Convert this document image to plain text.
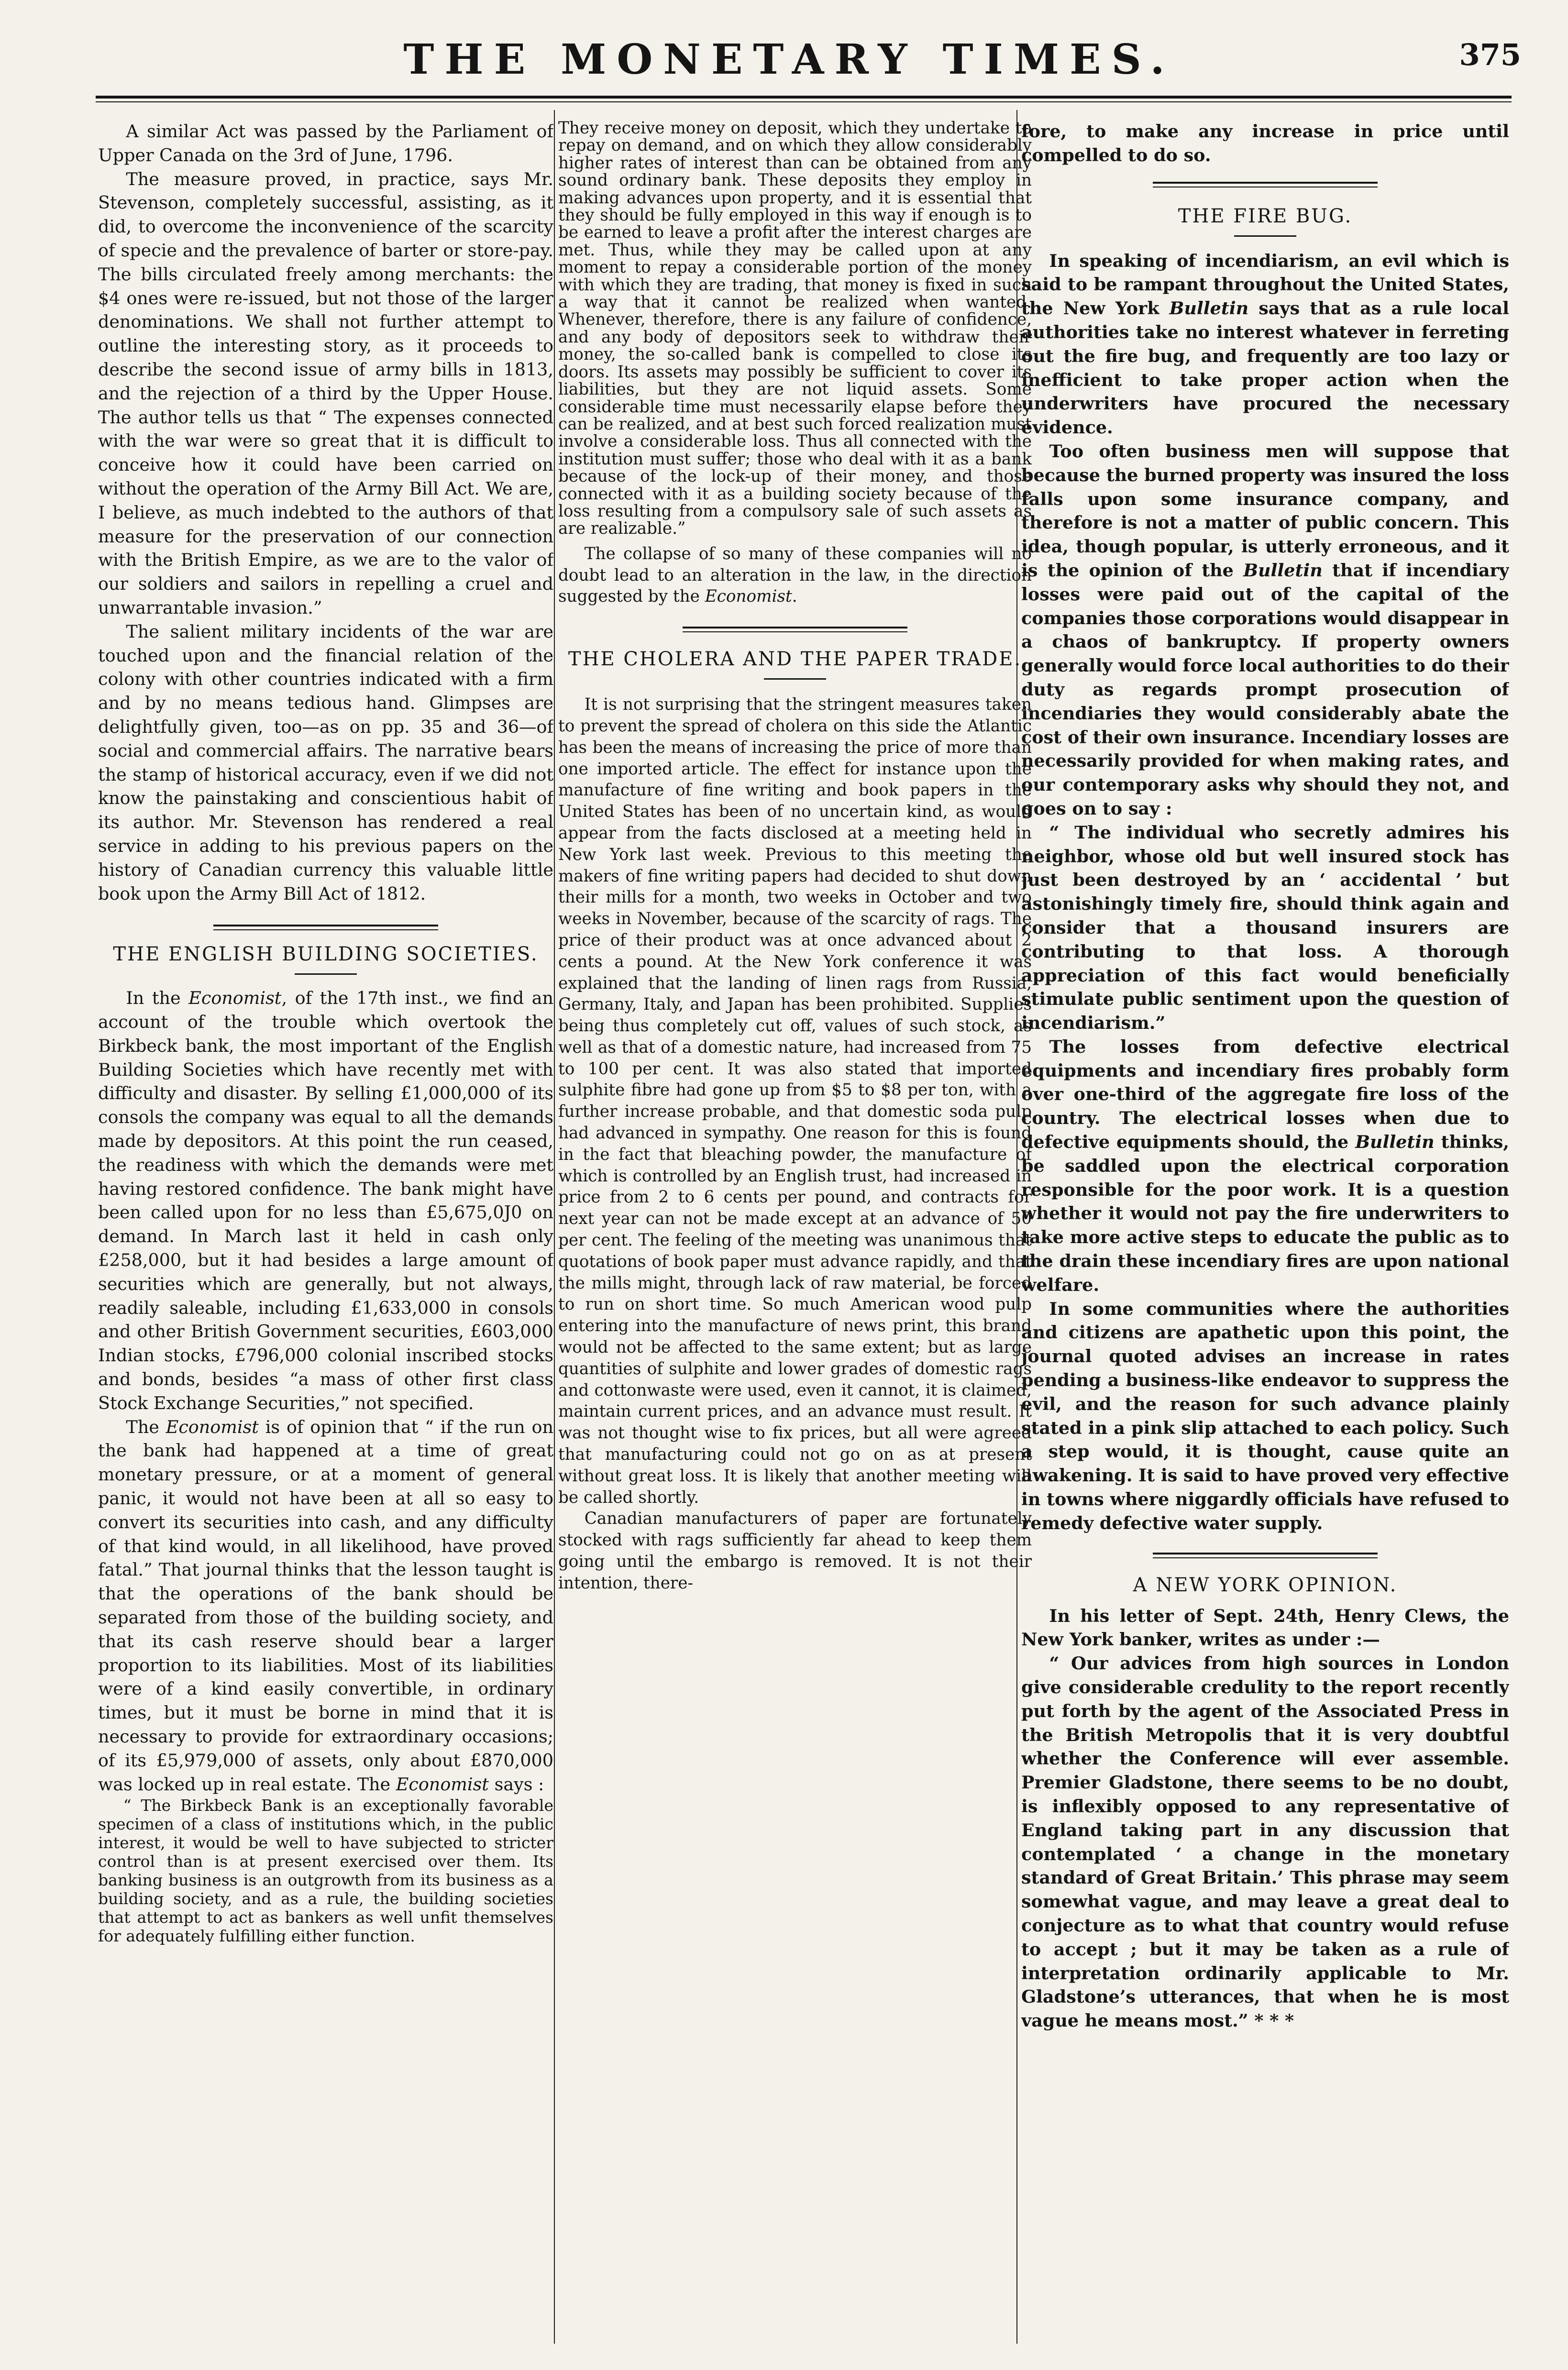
THE MONETARY TIMES.	375

A similar Act was passed by the Parliament of Upper Canada on the 3rd of June, 1796.

The measure proved, in practice, says Mr. Stevenson, completely successful, assisting, as it did, to overcome the inconvenience of the scarcity of specie and the prevalence of barter or store-pay. The bills circulated freely among merchants: the $4 ones were re-issued, but not those of the larger denominations. We shall not further attempt to outline the interesting story, as it proceeds to describe the second issue of army bills in 1813, and the rejection of a third by the Upper House. The author tells us that “ The expenses connected with the war were so great that it is difficult to conceive how it could have been carried on without the operation of the Army Bill Act. We are, I believe, as much indebted to the authors of that measure for the preservation of our connection with the British Empire, as we are to the valor of our soldiers and sailors in repelling a cruel and unwarrantable invasion.”

The salient military incidents of the war are touched upon and the financial relation of the colony with other countries indicated with a firm and by no means tedious hand. Glimpses are delightfully given, too—as on pp. 35 and 36—of social and commercial affairs. The narrative bears the stamp of historical accuracy, even if we did not know the painstaking and conscientious habit of its author. Mr. Stevenson has rendered a real service in adding to his previous papers on the history of Canadian currency this valuable little book upon the Army Bill Act of 1812.

THE ENGLISH BUILDING SOCIETIES.

In the Economist, of the 17th inst., we find an account of the trouble which overtook the Birkbeck bank, the most important of the English Building Societies which have recently met with difficulty and disaster. By selling £1,000,000 of its consols the company was equal to all the demands made by depositors. At this point the run ceased, the readiness with which the demands were met having restored confidence. The bank might have been called upon for no less than £5,675,0J0 on demand. In March last it held in cash only £258,000, but it had besides a large amount of securities which are generally, but not always, readily saleable, including £1,633,000 in consols and other British Government securities, £603,000 Indian stocks, £796,000 colonial inscribed stocks and bonds, besides “a mass of other first class Stock Exchange Securities,” not specified.

The Economist is of opinion that “ if the run on the bank had happened at a time of great monetary pressure, or at a moment of general panic, it would not have been at all so easy to convert its securities into cash, and any difficulty of that kind would, in all likelihood, have proved fatal.” That journal thinks that the lesson taught is that the operations of the bank should be separated from those of the building society, and that its cash reserve should bear a larger proportion to its liabilities. Most of its liabilities were of a kind easily convertible, in ordinary times, but it must be borne in mind that it is necessary to provide for extraordinary occasions; of its £5,979,000 of assets, only about £870,000 was locked up in real estate. The Economist says :

“ The Birkbeck Bank is an exceptionally favorable specimen of a class of institutions which, in the public interest, it would be well to have subjected to stricter control than is at present exercised over them. Its banking business is an outgrowth from its business as a building society, and as a rule, the building societies that attempt to act as bankers as well unfit themselves for adequately fulfilling either function.

They receive money on deposit, which they undertake to repay on demand, and on which they allow considerably higher rates of interest than can be obtained from any sound ordinary bank. These deposits they employ in making advances upon property, and it is essential that they should be fully employed in this way if enough is to be earned to leave a profit after the interest charges are met. Thus, while they may be called upon at any moment to repay a considerable portion of the money with which they are trading, that money is fixed in such a way that it cannot be realized when wanted. Whenever, therefore, there is any failure of confidence, and any body of depositors seek to withdraw their money, the so-called bank is compelled to close its doors. Its assets may possibly be sufficient to cover its liabilities, but they are not liquid assets. Some considerable time must necessarily elapse before they can be realized, and at best such forced realization must involve a considerable loss. Thus all connected with the institution must suffer; those who deal with it as a bank because of the lock-up of their money, and those connected with it as a building society because of the loss resulting from a compulsory sale of such assets as are realizable.”

The collapse of so many of these companies will no doubt lead to an alteration in the law, in the direction suggested by the Economist.

THE CHOLERA AND THE PAPER TRADE.

It is not surprising that the stringent measures taken to prevent the spread of cholera on this side the Atlantic has been the means of increasing the price of more than one imported article. The effect for instance upon the manufacture of fine writing and book papers in the United States has been of no uncertain kind, as would appear from the facts disclosed at a meeting held in New York last week. Previous to this meeting the makers of fine writing papers had decided to shut down their mills for a month, two weeks in October and two weeks in November, because of the scarcity of rags. The price of their product was at once advanced about 2 cents a pound. At the New York conference it was explained that the landing of linen rags from Russia, Germany, Italy, and Japan has been prohibited. Supplies being thus completely cut off, values of such stock, as well as that of a domestic nature, had increased from 75 to 100 per cent. It was also stated that imported sulphite fibre had gone up from $5 to $8 per ton, with a further increase probable, and that domestic soda pulp had advanced in sympathy. One reason for this is found in the fact that bleaching powder, the manufacture of which is controlled by an English trust, had increased in price from 2 to 6 cents per pound, and contracts for next year can not be made except at an advance of 50 per cent. The feeling of the meeting was unanimous that quotations of book paper must advance rapidly, and that the mills might, through lack of raw material, be forced to run on short time. So much American wood pulp entering into the manufacture of news print, this brand would not be affected to the same extent; but as large quantities of sulphite and lower grades of domestic rags and cottonwaste were used, even it cannot, it is claimed, maintain current prices, and an advance must result. It was not thought wise to fix prices, but all were agreed that manufacturing could not go on as at present without great loss. It is likely that another meeting will be called shortly.

Canadian manufacturers of paper are fortunately stocked with rags sufficiently far ahead to keep them going until the embargo is removed. It is not their intention, there-

fore, to make any increase in price until compelled to do so.

THE FIRE BUG.

In speaking of incendiarism, an evil which is said to be rampant throughout the United States, the New York Bulletin says that as a rule local authorities take no interest whatever in ferreting out the fire bug, and frequently are too lazy or inefficient to take proper action when the underwriters have procured the necessary evidence.

Too often business men will suppose that because the burned property was insured the loss falls upon some insurance company, and therefore is not a matter of public concern. This idea, though popular, is utterly erroneous, and it is the opinion of the Bulletin that if incendiary losses were paid out of the capital of the companies those corporations would disappear in a chaos of bankruptcy. If property owners generally would force local authorities to do their duty as regards prompt prosecution of incendiaries they would considerably abate the cost of their own insurance. Incendiary losses are necessarily provided for when making rates, and our contemporary asks why should they not, and goes on to say :

“ The individual who secretly admires his neighbor, whose old but well insured stock has just been destroyed by an ‘ accidental ’ but astonishingly timely fire, should think again and consider that a thousand insurers are contributing to that loss. A thorough appreciation of this fact would beneficially stimulate public sentiment upon the question of incendiarism.”

The losses from defective electrical equipments and incendiary fires probably form over one-third of the aggregate fire loss of the country. The electrical losses when due to defective equipments should, the Bulletin thinks, be saddled upon the electrical corporation responsible for the poor work. It is a question whether it would not pay the fire underwriters to take more active steps to educate the public as to the drain these incendiary fires are upon national welfare.

In some communities where the authorities and citizens are apathetic upon this point, the journal quoted advises an increase in rates pending a business-like endeavor to suppress the evil, and the reason for such advance plainly stated in a pink slip attached to each policy. Such a step would, it is thought, cause quite an awakening. It is said to have proved very effective in towns where niggardly officials have refused to remedy defective water supply.

A NEW YORK OPINION.

In his letter of Sept. 24th, Henry Clews, the New York banker, writes as under :—

“ Our advices from high sources in London give considerable credulity to the report recently put forth by the agent of the Associated Press in the British Metropolis that it is very doubtful whether the Conference will ever assemble. Premier Gladstone, there seems to be no doubt, is inflexibly opposed to any representative of England taking part in any discussion that contemplated ‘ a change in the monetary standard of Great Britain.’ This phrase may seem somewhat vague, and may leave a great deal to conjecture as to what that country would refuse to accept ; but it may be taken as a rule of interpretation ordinarily applicable to Mr. Gladstone’s utterances, that when he is most vague he means most.” * * *
